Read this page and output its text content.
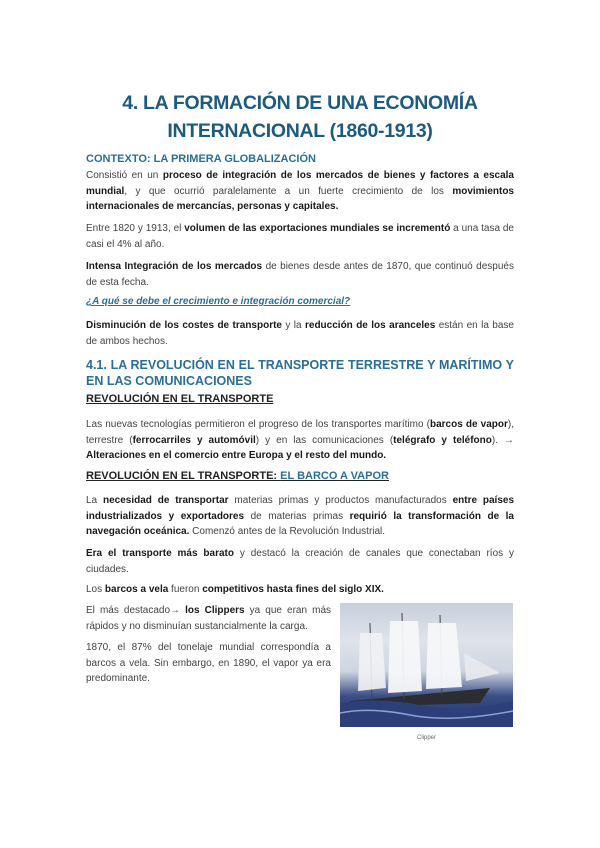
4. LA FORMACIÓN DE UNA ECONOMÍA
INTERNACIONAL (1860-1913)
CONTEXTO: LA PRIMERA GLOBALIZACIÓN
Consistió en un proceso de integración de los mercados de bienes y factores a escala mundial, y que ocurrió paralelamente a un fuerte crecimiento de los movimientos internacionales de mercancías, personas y capitales.
Entre 1820 y 1913, el volumen de las exportaciones mundiales se incrementó a una tasa de casi el 4% al año.
Intensa Integración de los mercados de bienes desde antes de 1870, que continuó después de esta fecha.
¿A qué se debe el crecimiento e integración comercial?
Disminución de los costes de transporte y la reducción de los aranceles están en la base de ambos hechos.
4.1. LA REVOLUCIÓN EN EL TRANSPORTE TERRESTRE Y MARÍTIMO Y EN LAS COMUNICACIONES
REVOLUCIÓN EN EL TRANSPORTE
Las nuevas tecnologías permitieron el progreso de los transportes marítimo (barcos de vapor), terrestre (ferrocarriles y automóvil) y en las comunicaciones (telégrafo y teléfono). → Alteraciones en el comercio entre Europa y el resto del mundo.
REVOLUCIÓN EN EL TRANSPORTE: EL BARCO A VAPOR
La necesidad de transportar materias primas y productos manufacturados entre países industrializados y exportadores de materias primas requirió la transformación de la navegación oceánica. Comenzó antes de la Revolución Industrial.
Era el transporte más barato y destacó la creación de canales que conectaban ríos y ciudades.
Los barcos a vela fueron competitivos hasta fines del siglo XIX.
El más destacado→ los Clippers ya que eran más rápidos y no disminuían sustancialmente la carga.
1870, el 87% del tonelaje mundial correspondía a barcos a vela. Sin embargo, en 1890, el vapor ya era predominante.
Clipper
